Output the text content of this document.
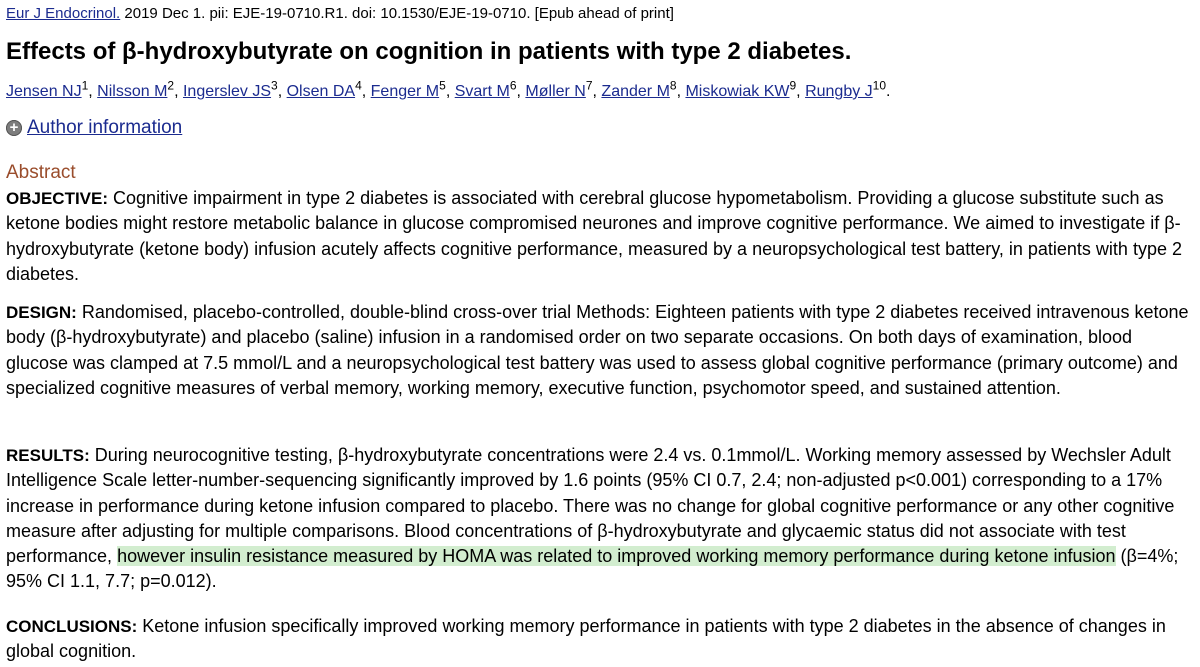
Eur J Endocrinol. 2019 Dec 1. pii: EJE-19-0710.R1. doi: 10.1530/EJE-19-0710. [Epub ahead of print]
Effects of β-hydroxybutyrate on cognition in patients with type 2 diabetes.
Jensen $NJ^1$, Nilsson $M^2$, Ingerslev $JS^3$, Olsen $DA^4$, Fenger $M^5$, Svart $M^6$, Møller $N^7$, Zander $M^8$, Miskowiak $KW^9$, Rungby $J^{10}$.
+ Author information
Abstract
OBJECTIVE: Cognitive impairment in type 2 diabetes is associated with cerebral glucose hypometabolism. Providing a glucose substitute such as ketone bodies might restore metabolic balance in glucose compromised neurones and improve cognitive performance. We aimed to investigate if β-hydroxybutyrate (ketone body) infusion acutely affects cognitive performance, measured by a neuropsychological test battery, in patients with type 2 diabetes.
DESIGN: Randomised, placebo-controlled, double-blind cross-over trial Methods: Eighteen patients with type 2 diabetes received intravenous ketone body (β-hydroxybutyrate) and placebo (saline) infusion in a randomised order on two separate occasions. On both days of examination, blood glucose was clamped at 7.5 mmol/L and a neuropsychological test battery was used to assess global cognitive performance (primary outcome) and specialized cognitive measures of verbal memory, working memory, executive function, psychomotor speed, and sustained attention.
RESULTS: During neurocognitive testing, β-hydroxybutyrate concentrations were 2.4 vs. 0.1mmol/L. Working memory assessed by Wechsler Adult Intelligence Scale letter-number-sequencing significantly improved by 1.6 points (95% CI 0.7, 2.4; non-adjusted p<0.001) corresponding to a 17% increase in performance during ketone infusion compared to placebo. There was no change for global cognitive performance or any other cognitive measure after adjusting for multiple comparisons. Blood concentrations of β-hydroxybutyrate and glycaemic status did not associate with test performance, however insulin resistance measured by HOMA was related to improved working memory performance during ketone infusion (β=4%; 95% CI 1.1, 7.7; p=0.012).
CONCLUSIONS: Ketone infusion specifically improved working memory performance in patients with type 2 diabetes in the absence of changes in global cognition.
